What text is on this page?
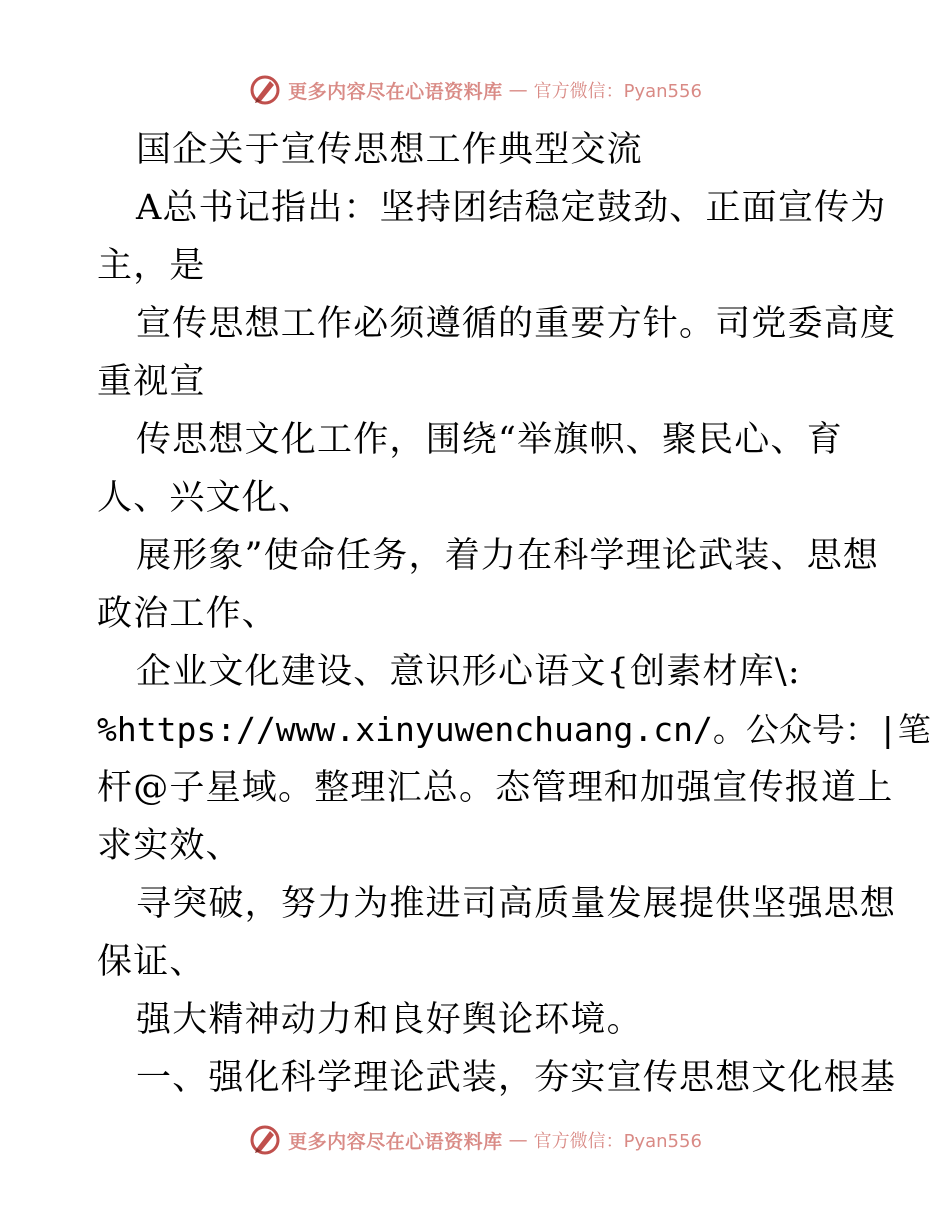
更多内容尽在心语资料库 — 官方微信：Pyan556
国企关于宣传思想工作典型交流
A总书记指出：坚持团结稳定鼓劲、正面宣传为
主，是
宣传思想工作必须遵循的重要方针。司党委高度
重视宣
传思想文化工作，围绕“举旗帜、聚民心、育
人、兴文化、
展形象”使命任务，着力在科学理论武装、思想
政治工作、
企业文化建设、意识形心语文{创素材库\:
%https://www.xinyuwenchuang.cn/。公众号：|笔
杆@子星域。整理汇总。态管理和加强宣传报道上
求实效、
寻突破，努力为推进司高质量发展提供坚强思想
保证、
强大精神动力和良好舆论环境。
一、强化科学理论武装，夯实宣传思想文化根基
更多内容尽在心语资料库 — 官方微信：Pyan556
